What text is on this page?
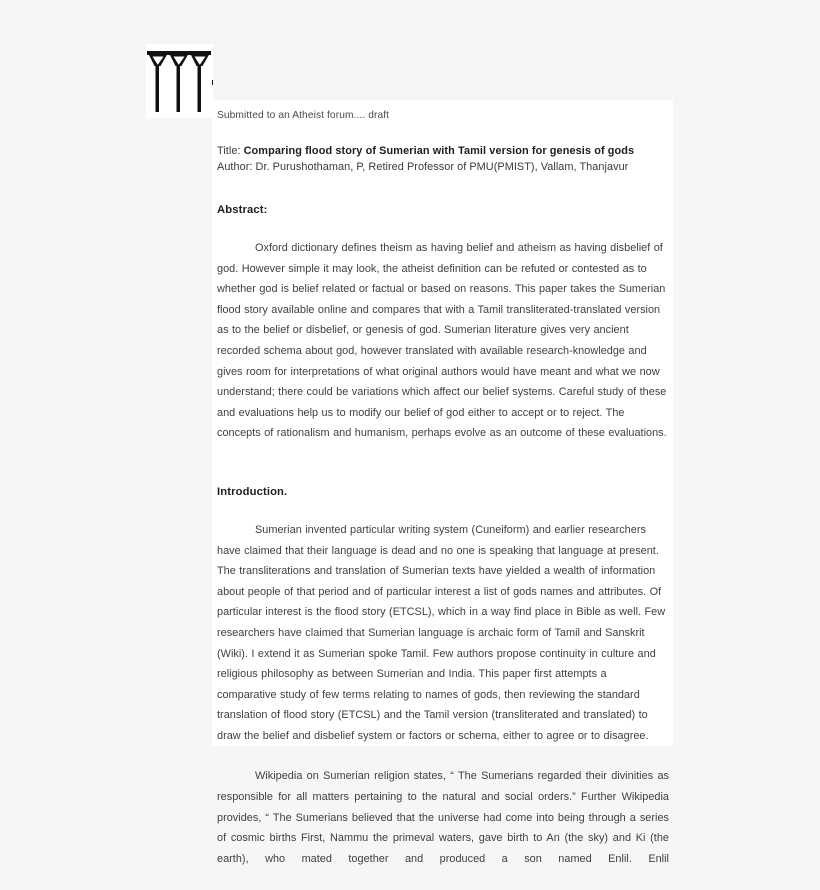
Submitted to an Atheist forum.... draft
Title: Comparing flood story of Sumerian with Tamil version for genesis of gods
Author: Dr. Purushothaman, P, Retired Professor of PMU(PMIST), Vallam, Thanjavur
Abstract:
Oxford dictionary defines theism as having belief and atheism as having disbelief of god. However simple it may look, the atheist definition can be refuted or contested as to whether god is belief related or factual or based on reasons. This paper takes the Sumerian flood story available online and compares that with a Tamil transliterated-translated version as to the belief or disbelief, or genesis of god. Sumerian literature gives very ancient recorded schema about god, however translated with available research-knowledge and gives room for interpretations of what original authors would have meant and what we now understand; there could be variations which affect our belief systems. Careful study of these and evaluations help us to modify our belief of god either to accept or to reject. The concepts of rationalism and humanism, perhaps evolve as an outcome of these evaluations.
Introduction.
Sumerian invented particular writing system (Cuneiform) and earlier researchers have claimed that their language is dead and no one is speaking that language at present. The transliterations and translation of Sumerian texts have yielded a wealth of information about people of that period and of particular interest a list of gods names and attributes. Of particular interest is the flood story (ETCSL), which in a way find place in Bible as well. Few researchers have claimed that Sumerian language is archaic form of Tamil and Sanskrit (Wiki). I extend it as Sumerian spoke Tamil. Few authors propose continuity in culture and religious philosophy as between Sumerian and India. This paper first attempts a comparative study of few terms relating to names of gods, then reviewing the standard translation of flood story (ETCSL) and the Tamil version (transliterated and translated) to draw the belief and disbelief system or factors or schema, either to agree or to disagree.
Wikipedia on Sumerian religion states, “ The Sumerians regarded their divinities as responsible for all matters pertaining to the natural and social orders.” Further Wikipedia provides, “ The Sumerians believed that the universe had come into being through a series of cosmic births First, Nammu the primeval waters, gave birth to An (the sky) and Ki (the earth), who mated together and produced a son named Enlil. Enlil
